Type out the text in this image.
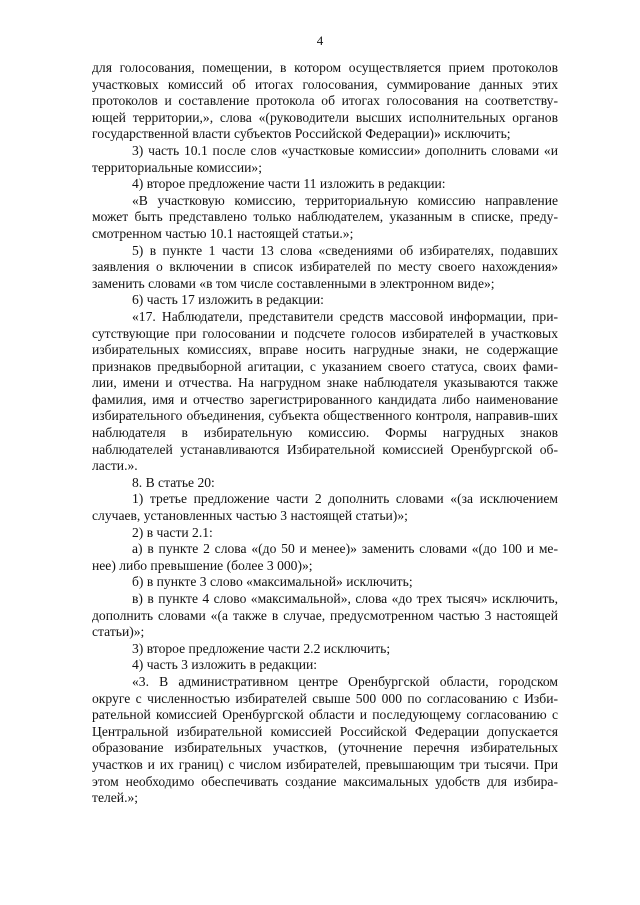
4

для голосования, помещении, в котором осуществляется прием протоколов участковых комиссий об итогах голосования, суммирование данных этих протоколов и составление протокола об итогах голосования на соответству-ющей территории,», слова «(руководители высших исполнительных органов государственной власти субъектов Российской Федерации)» исключить;

3) часть 10.1 после слов «участковые комиссии» дополнить словами «и территориальные комиссии»;

4) второе предложение части 11 изложить в редакции:

«В участковую комиссию, территориальную комиссию направление может быть представлено только наблюдателем, указанным в списке, преду-смотренном частью 10.1 настоящей статьи.»;

5) в пункте 1 части 13 слова «сведениями об избирателях, подавших заявления о включении в список избирателей по месту своего нахождения» заменить словами «в том числе составленными в электронном виде»;

6) часть 17 изложить в редакции:

«17. Наблюдатели, представители средств массовой информации, при-сутствующие при голосовании и подсчете голосов избирателей в участковых избирательных комиссиях, вправе носить нагрудные знаки, не содержащие признаков предвыборной агитации, с указанием своего статуса, своих фами-лии, имени и отчества. На нагрудном знаке наблюдателя указываются также фамилия, имя и отчество зарегистрированного кандидата либо наименование избирательного объединения, субъекта общественного контроля, направив-ших наблюдателя в избирательную комиссию. Формы нагрудных знаков наблюдателей устанавливаются Избирательной комиссией Оренбургской об-ласти.».

8. В статье 20:

1) третье предложение части 2 дополнить словами «(за исключением случаев, установленных частью 3 настоящей статьи)»;

2) в части 2.1:

а) в пункте 2 слова «(до 50 и менее)» заменить словами «(до 100 и ме-нее) либо превышение (более 3 000)»;

б) в пункте 3 слово «максимальной» исключить;

в) в пункте 4 слово «максимальной», слова «до трех тысяч» исключить, дополнить словами «(а также в случае, предусмотренном частью 3 настоящей статьи)»;

3) второе предложение части 2.2 исключить;

4) часть 3 изложить в редакции:

«3. В административном центре Оренбургской области, городском округе с численностью избирателей свыше 500 000 по согласованию с Изби-рательной комиссией Оренбургской области и последующему согласованию с Центральной избирательной комиссией Российской Федерации допускается образование избирательных участков, (уточнение перечня избирательных участков и их границ) с числом избирателей, превышающим три тысячи. При этом необходимо обеспечивать создание максимальных удобств для избира-телей.»;
